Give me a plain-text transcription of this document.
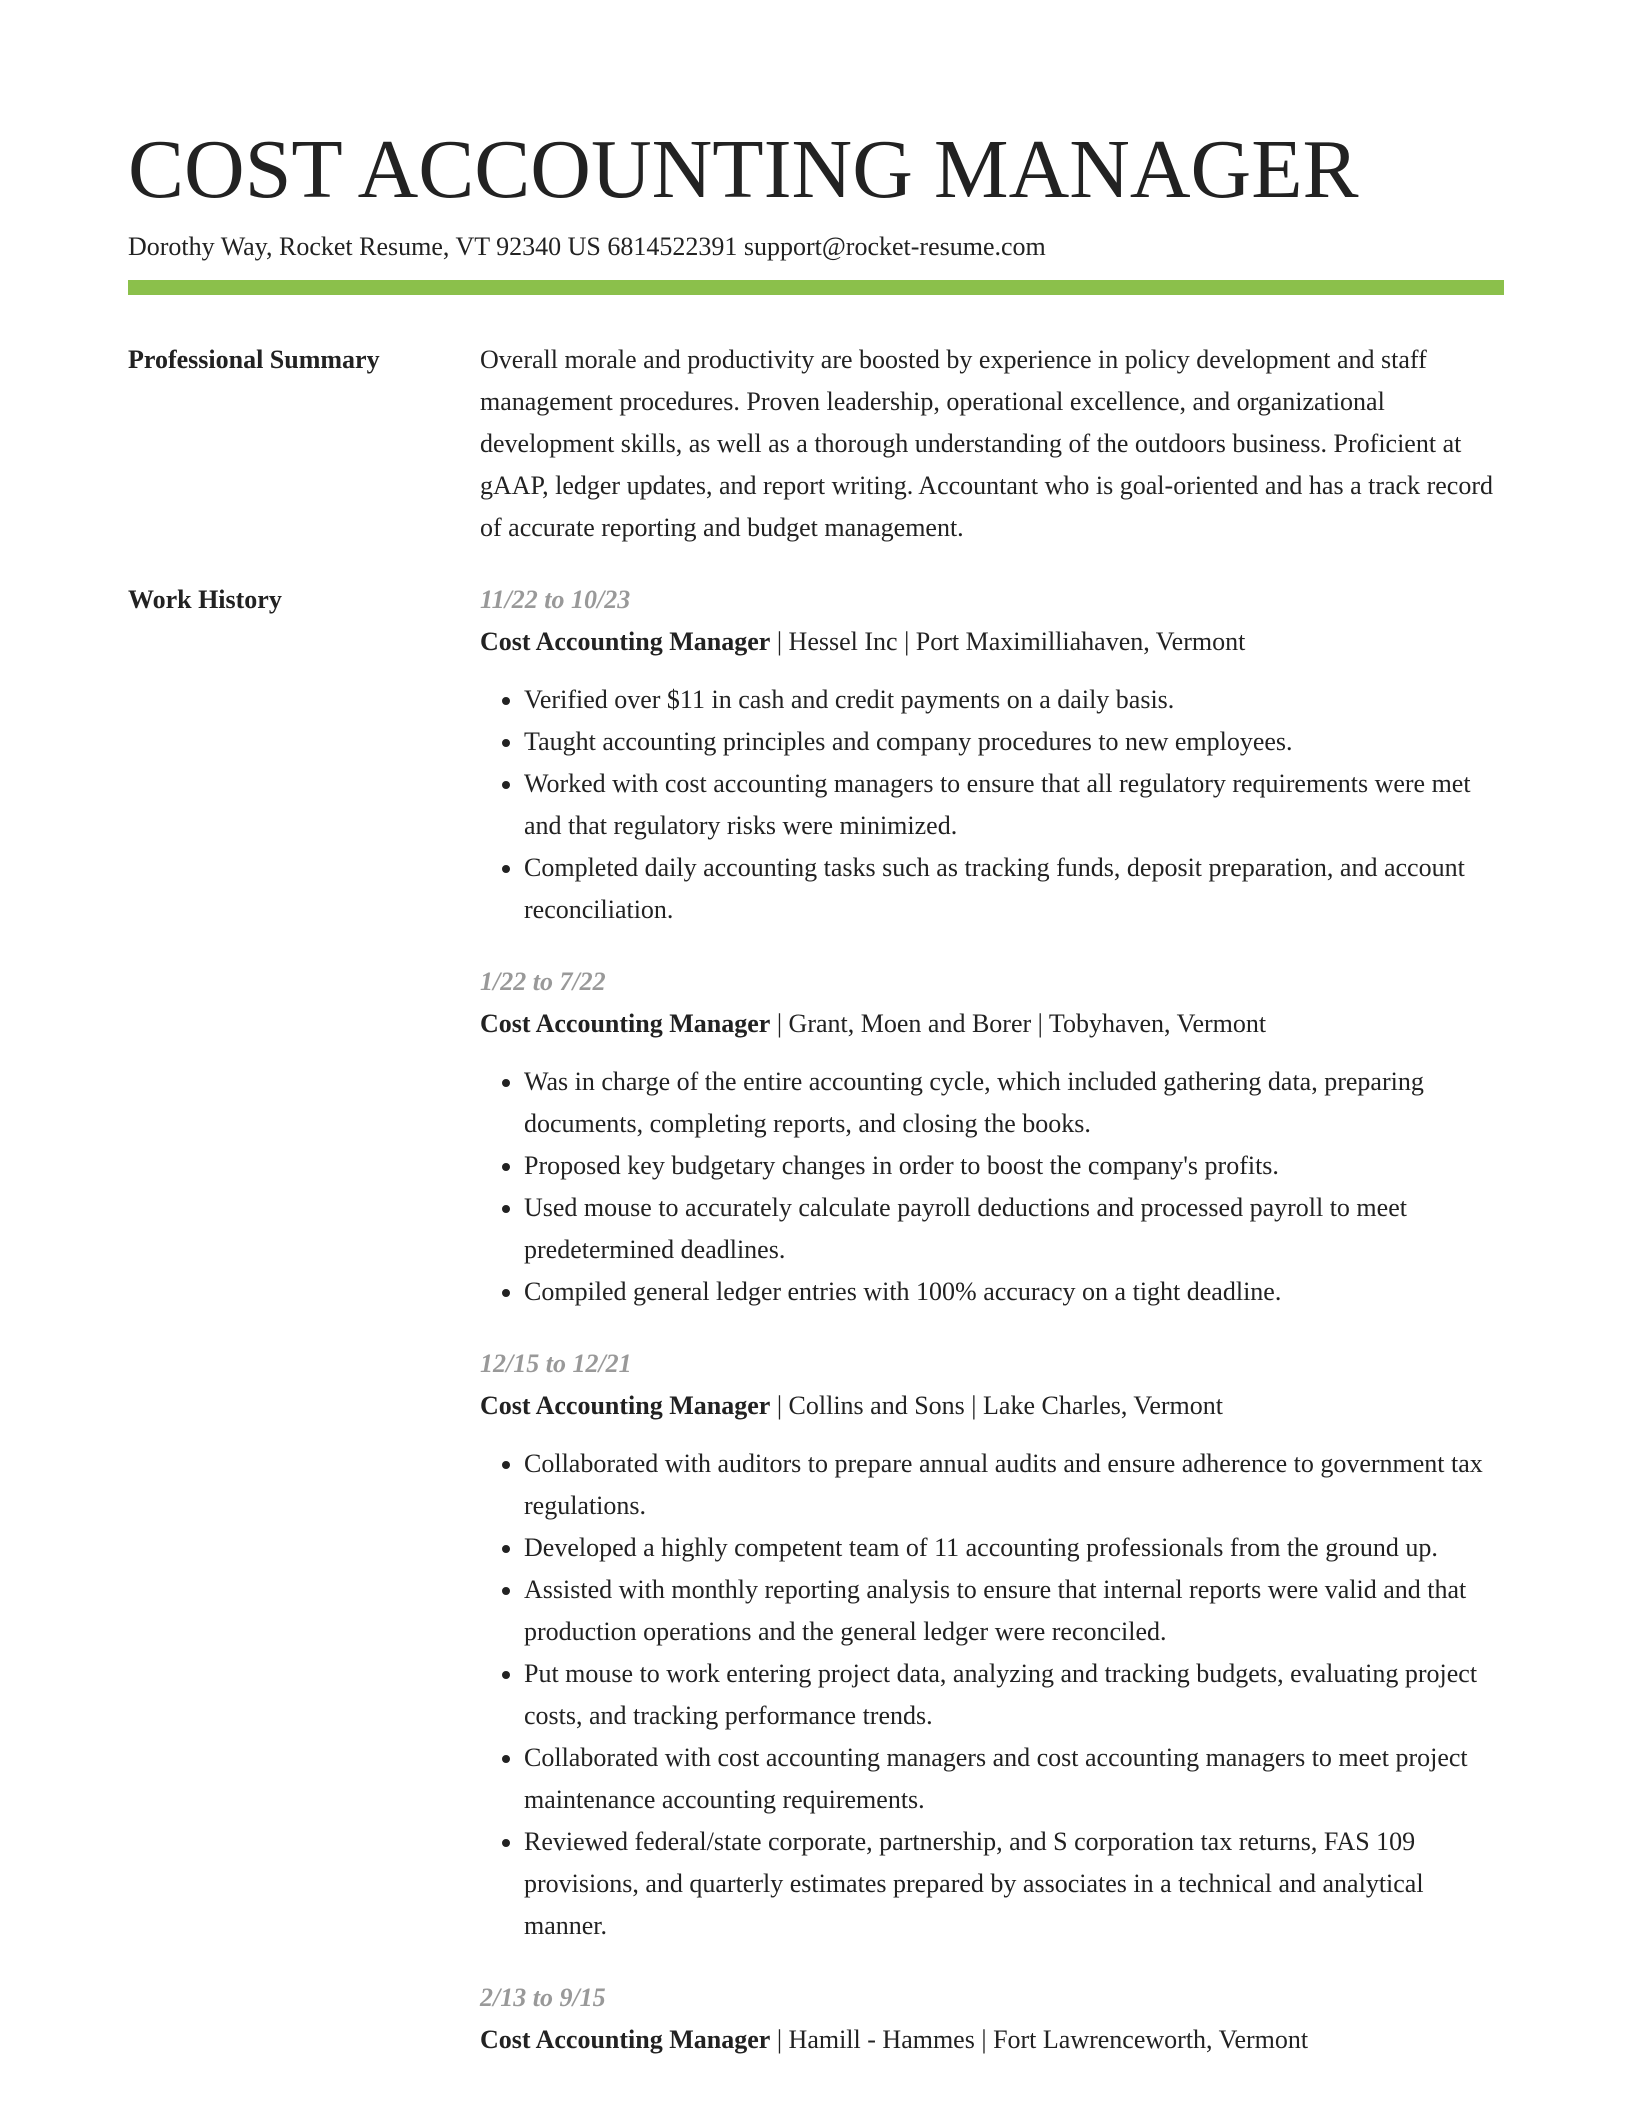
COST ACCOUNTING MANAGER
Dorothy Way, Rocket Resume, VT 92340 US 6814522391 support@rocket-resume.com
Professional Summary	Overall morale and productivity are boosted by experience in policy development and staff management procedures. Proven leadership, operational excellence, and organizational development skills, as well as a thorough understanding of the outdoors business. Proficient at gAAP, ledger updates, and report writing. Accountant who is goal-oriented and has a track record of accurate reporting and budget management.

Work History	11/22 to 10/23
Cost Accounting Manager | Hessel Inc | Port Maximilliahaven, Vermont
• Verified over $11 in cash and credit payments on a daily basis.
• Taught accounting principles and company procedures to new employees.
• Worked with cost accounting managers to ensure that all regulatory requirements were met and that regulatory risks were minimized.
• Completed daily accounting tasks such as tracking funds, deposit preparation, and account reconciliation.
1/22 to 7/22
Cost Accounting Manager | Grant, Moen and Borer | Tobyhaven, Vermont
• Was in charge of the entire accounting cycle, which included gathering data, preparing documents, completing reports, and closing the books.
• Proposed key budgetary changes in order to boost the company's profits.
• Used mouse to accurately calculate payroll deductions and processed payroll to meet predetermined deadlines.
• Compiled general ledger entries with 100% accuracy on a tight deadline.
12/15 to 12/21
Cost Accounting Manager | Collins and Sons | Lake Charles, Vermont
• Collaborated with auditors to prepare annual audits and ensure adherence to government tax regulations.
• Developed a highly competent team of 11 accounting professionals from the ground up.
• Assisted with monthly reporting analysis to ensure that internal reports were valid and that production operations and the general ledger were reconciled.
• Put mouse to work entering project data, analyzing and tracking budgets, evaluating project costs, and tracking performance trends.
• Collaborated with cost accounting managers and cost accounting managers to meet project maintenance accounting requirements.
• Reviewed federal/state corporate, partnership, and S corporation tax returns, FAS 109 provisions, and quarterly estimates prepared by associates in a technical and analytical manner.
2/13 to 9/15
Cost Accounting Manager | Hamill - Hammes | Fort Lawrenceworth, Vermont
